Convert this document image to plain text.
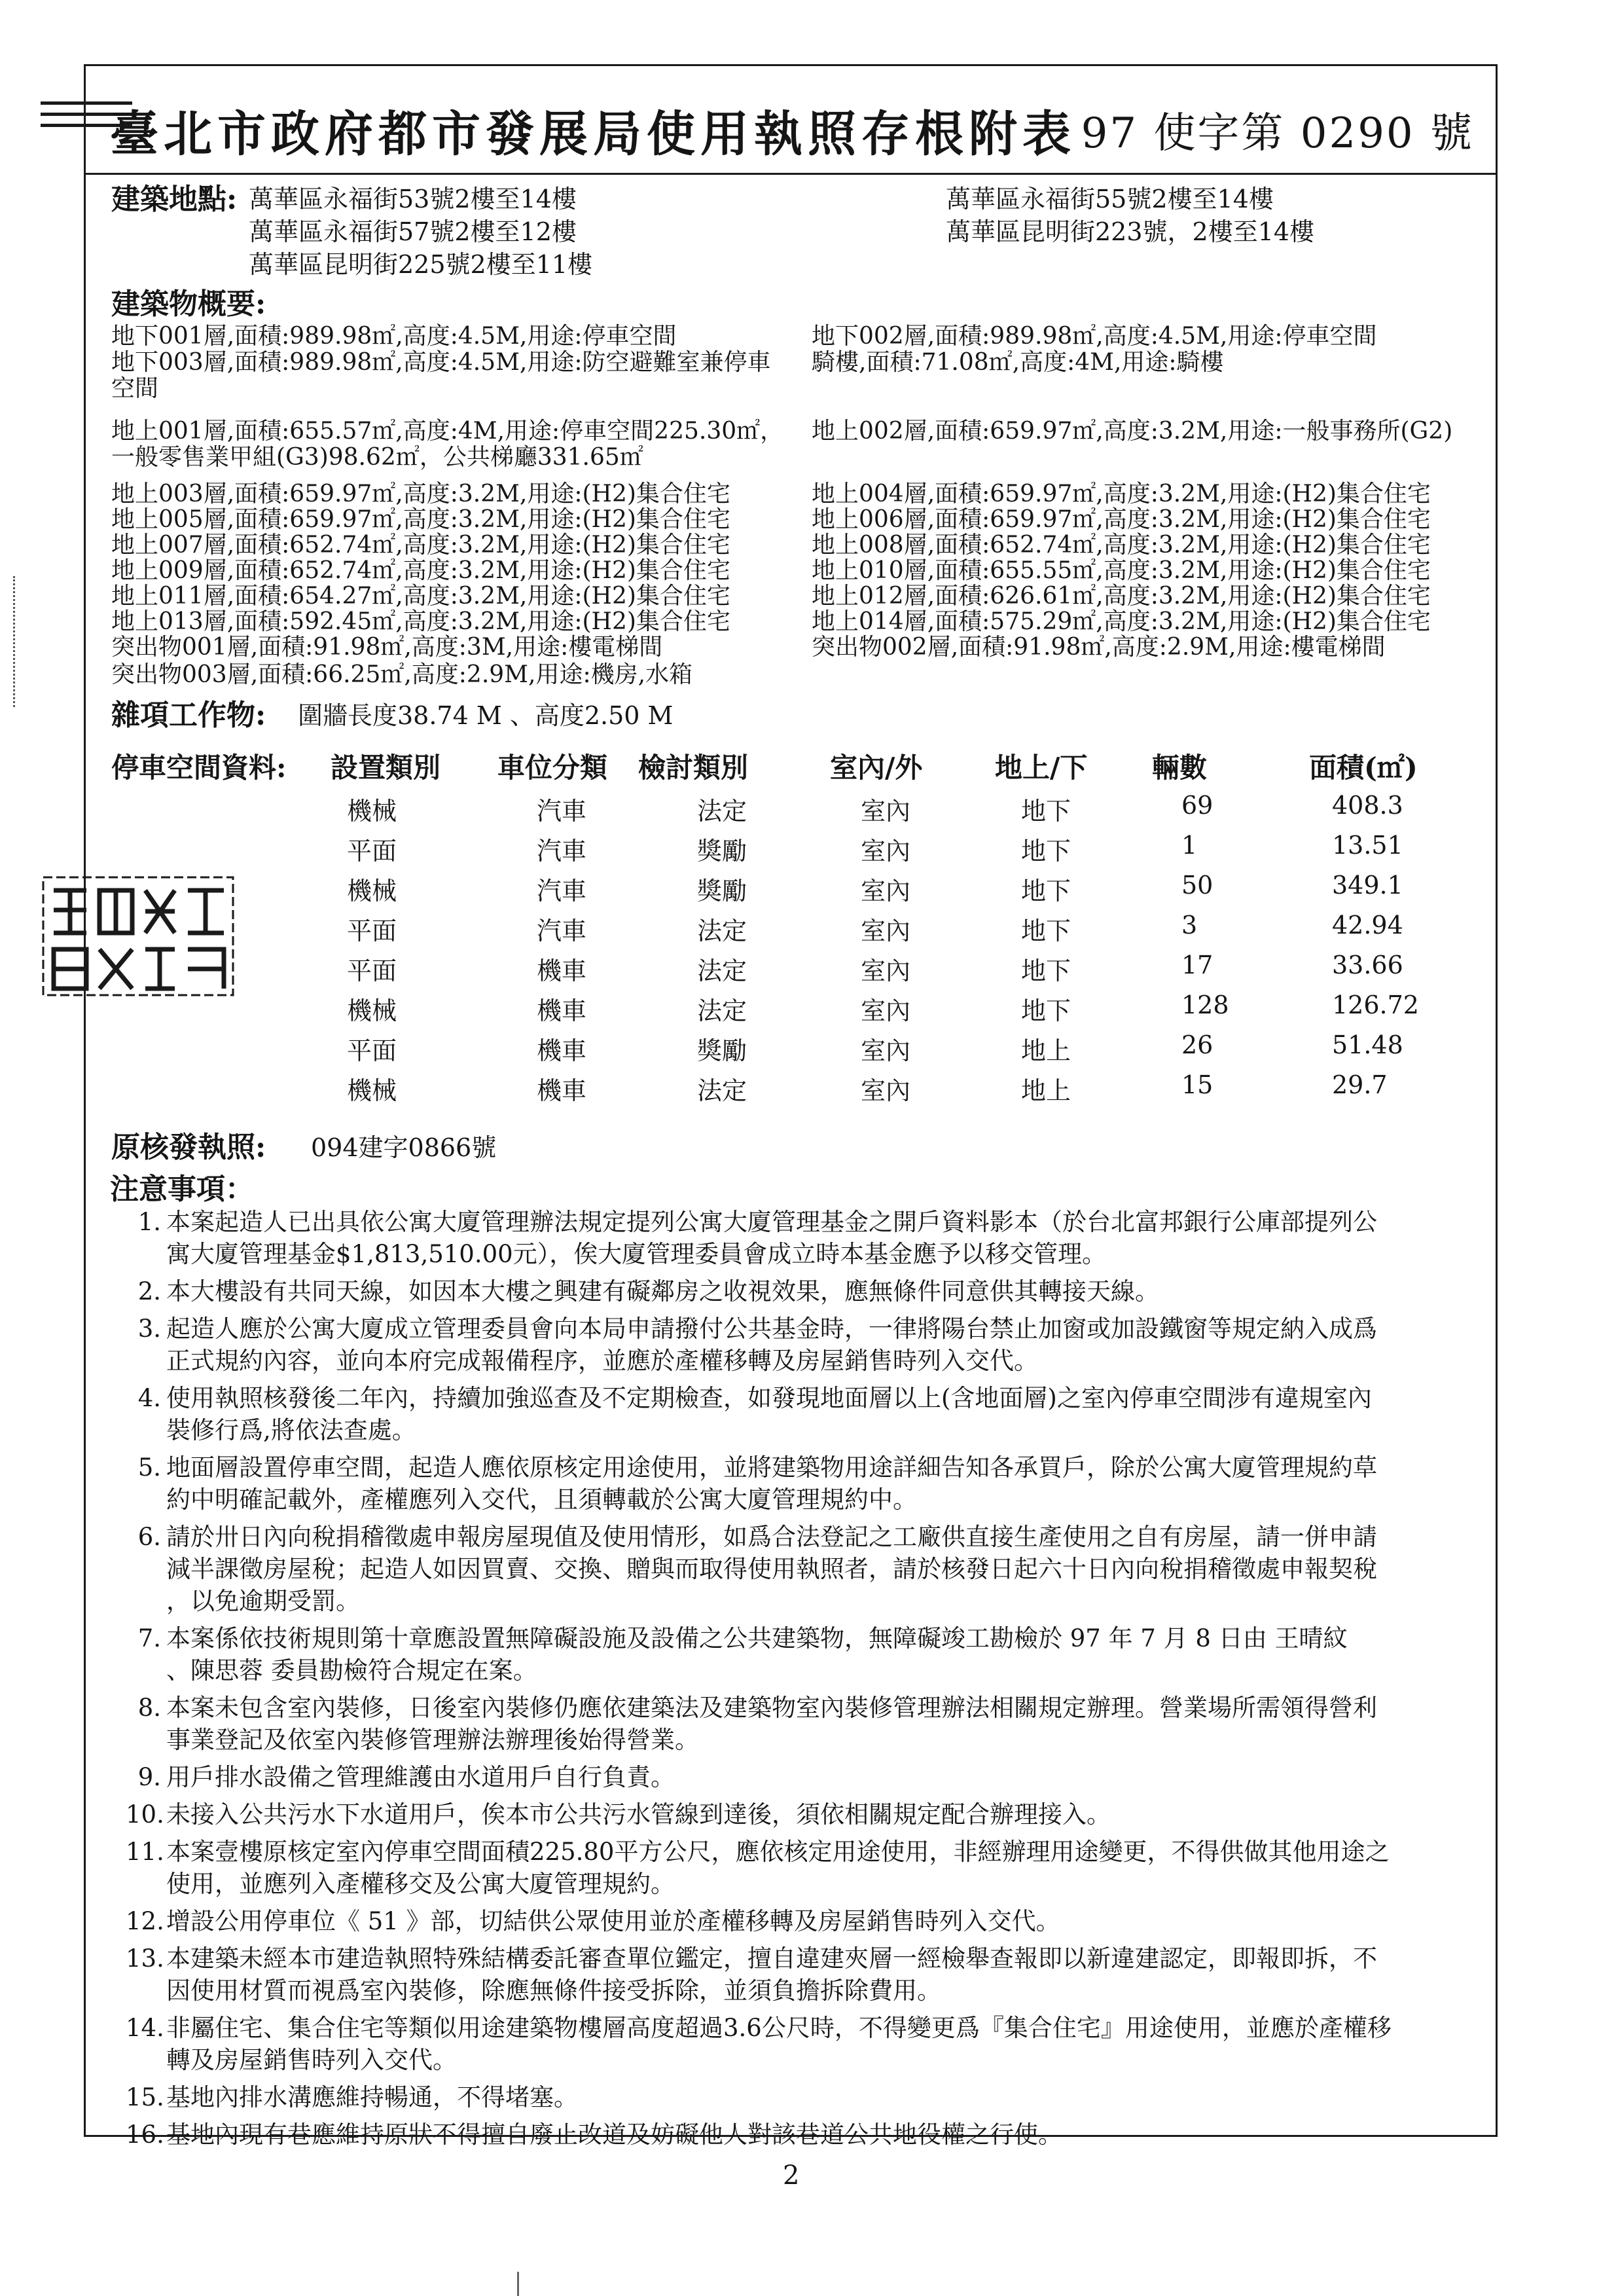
臺北市政府都市發展局使用執照存根附表 97 使字第 0290 號
建築地點: 萬華區永福街53號2樓至14樓	萬華區永福街55號2樓至14樓
萬華區永福街57號2樓至12樓	萬華區昆明街223號，2樓至14樓
萬華區昆明街225號2樓至11樓
建築物概要:
地下001層,面積:989.98㎡,高度:4.5M,用途:停車空間
地下003層,面積:989.98㎡,高度:4.5M,用途:防空避難室兼停車
空間
地上001層,面積:655.57㎡,高度:4M,用途:停車空間225.30㎡，
一般零售業甲組(G3)98.62㎡，公共梯廳331.65㎡
地上003層,面積:659.97㎡,高度:3.2M,用途:(H2)集合住宅
地上005層,面積:659.97㎡,高度:3.2M,用途:(H2)集合住宅
地上007層,面積:652.74㎡,高度:3.2M,用途:(H2)集合住宅
地上009層,面積:652.74㎡,高度:3.2M,用途:(H2)集合住宅
地上011層,面積:654.27㎡,高度:3.2M,用途:(H2)集合住宅
地上013層,面積:592.45㎡,高度:3.2M,用途:(H2)集合住宅
突出物001層,面積:91.98㎡,高度:3M,用途:樓電梯間
突出物003層,面積:66.25㎡,高度:2.9M,用途:機房,水箱
地下002層,面積:989.98㎡,高度:4.5M,用途:停車空間
騎樓,面積:71.08㎡,高度:4M,用途:騎樓
地上002層,面積:659.97㎡,高度:3.2M,用途:一般事務所(G2)
地上004層,面積:659.97㎡,高度:3.2M,用途:(H2)集合住宅
地上006層,面積:659.97㎡,高度:3.2M,用途:(H2)集合住宅
地上008層,面積:652.74㎡,高度:3.2M,用途:(H2)集合住宅
地上010層,面積:655.55㎡,高度:3.2M,用途:(H2)集合住宅
地上012層,面積:626.61㎡,高度:3.2M,用途:(H2)集合住宅
地上014層,面積:575.29㎡,高度:3.2M,用途:(H2)集合住宅
突出物002層,面積:91.98㎡,高度:2.9M,用途:樓電梯間
雜項工作物: 圍牆長度38.74 M 、高度2.50 M
停車空間資料: 設置類別 車位分類 檢討類別	室內/外	地上/下 輛數	面積(㎡)
機械	汽車	法定	室內	地下	69	408.3
平面	汽車	獎勵	室內	地下	1	13.51
機械	汽車	獎勵	室內	地下	50	349.1
平面	汽車	法定	室內	地下	3	42.94
平面	機車	法定	室內	地下	17	33.66
機械	機車	法定	室內	地下	128	126.72
平面	機車	獎勵	室內	地上	26	51.48
機械	機車	法定	室內	地上	15	29.7
原核發執照: 094建字0866號
注意事項：
1. 本案起造人已出具依公寓大廈管理辦法規定提列公寓大廈管理基金之開戶資料影本（於台北富邦銀行公庫部提列公
寓大廈管理基金$1,813,510.00元），俟大廈管理委員會成立時本基金應予以移交管理。
2. 本大樓設有共同天線，如因本大樓之興建有礙鄰房之收視效果，應無條件同意供其轉接天線。
3. 起造人應於公寓大廈成立管理委員會向本局申請撥付公共基金時，一律將陽台禁止加窗或加設鐵窗等規定納入成爲
正式規約內容，並向本府完成報備程序，並應於產權移轉及房屋銷售時列入交代。
4. 使用執照核發後二年內，持續加強巡查及不定期檢查，如發現地面層以上(含地面層)之室內停車空間涉有違規室內
裝修行爲,將依法查處。
5. 地面層設置停車空間，起造人應依原核定用途使用，並將建築物用途詳細告知各承買戶，除於公寓大廈管理規約草
約中明確記載外，產權應列入交代，且須轉載於公寓大廈管理規約中。
6. 請於卅日內向稅捐稽徵處申報房屋現值及使用情形，如爲合法登記之工廠供直接生產使用之自有房屋，請一併申請
減半課徵房屋稅；起造人如因買賣、交換、贈與而取得使用執照者，請於核發日起六十日內向稅捐稽徵處申報契稅
，以免逾期受罰。
7. 本案係依技術規則第十章應設置無障礙設施及設備之公共建築物，無障礙竣工勘檢於 97 年 7 月 8 日由 王晴紋
、陳思蓉 委員勘檢符合規定在案。
8. 本案未包含室內裝修，日後室內裝修仍應依建築法及建築物室內裝修管理辦法相關規定辦理。營業場所需領得營利
事業登記及依室內裝修管理辦法辦理後始得營業。
9. 用戶排水設備之管理維護由水道用戶自行負責。
10. 未接入公共污水下水道用戶，俟本市公共污水管線到達後，須依相關規定配合辦理接入。
11. 本案壹樓原核定室內停車空間面積225.80平方公尺，應依核定用途使用，非經辦理用途變更，不得供做其他用途之
使用，並應列入產權移交及公寓大廈管理規約。
12. 增設公用停車位《 51 》部，切結供公眾使用並於產權移轉及房屋銷售時列入交代。
13. 本建築未經本市建造執照特殊結構委託審查單位鑑定，擅自違建夾層一經檢舉查報即以新違建認定，即報即拆，不
因使用材質而視爲室內裝修，除應無條件接受拆除，並須負擔拆除費用。
14. 非屬住宅、集合住宅等類似用途建築物樓層高度超過3.6公尺時，不得變更爲『集合住宅』用途使用，並應於產權移
轉及房屋銷售時列入交代。
15. 基地內排水溝應維持暢通，不得堵塞。
16. 基地內現有巷應維持原狀不得擅自廢止改道及妨礙他人對該巷道公共地役權之行使。
2
